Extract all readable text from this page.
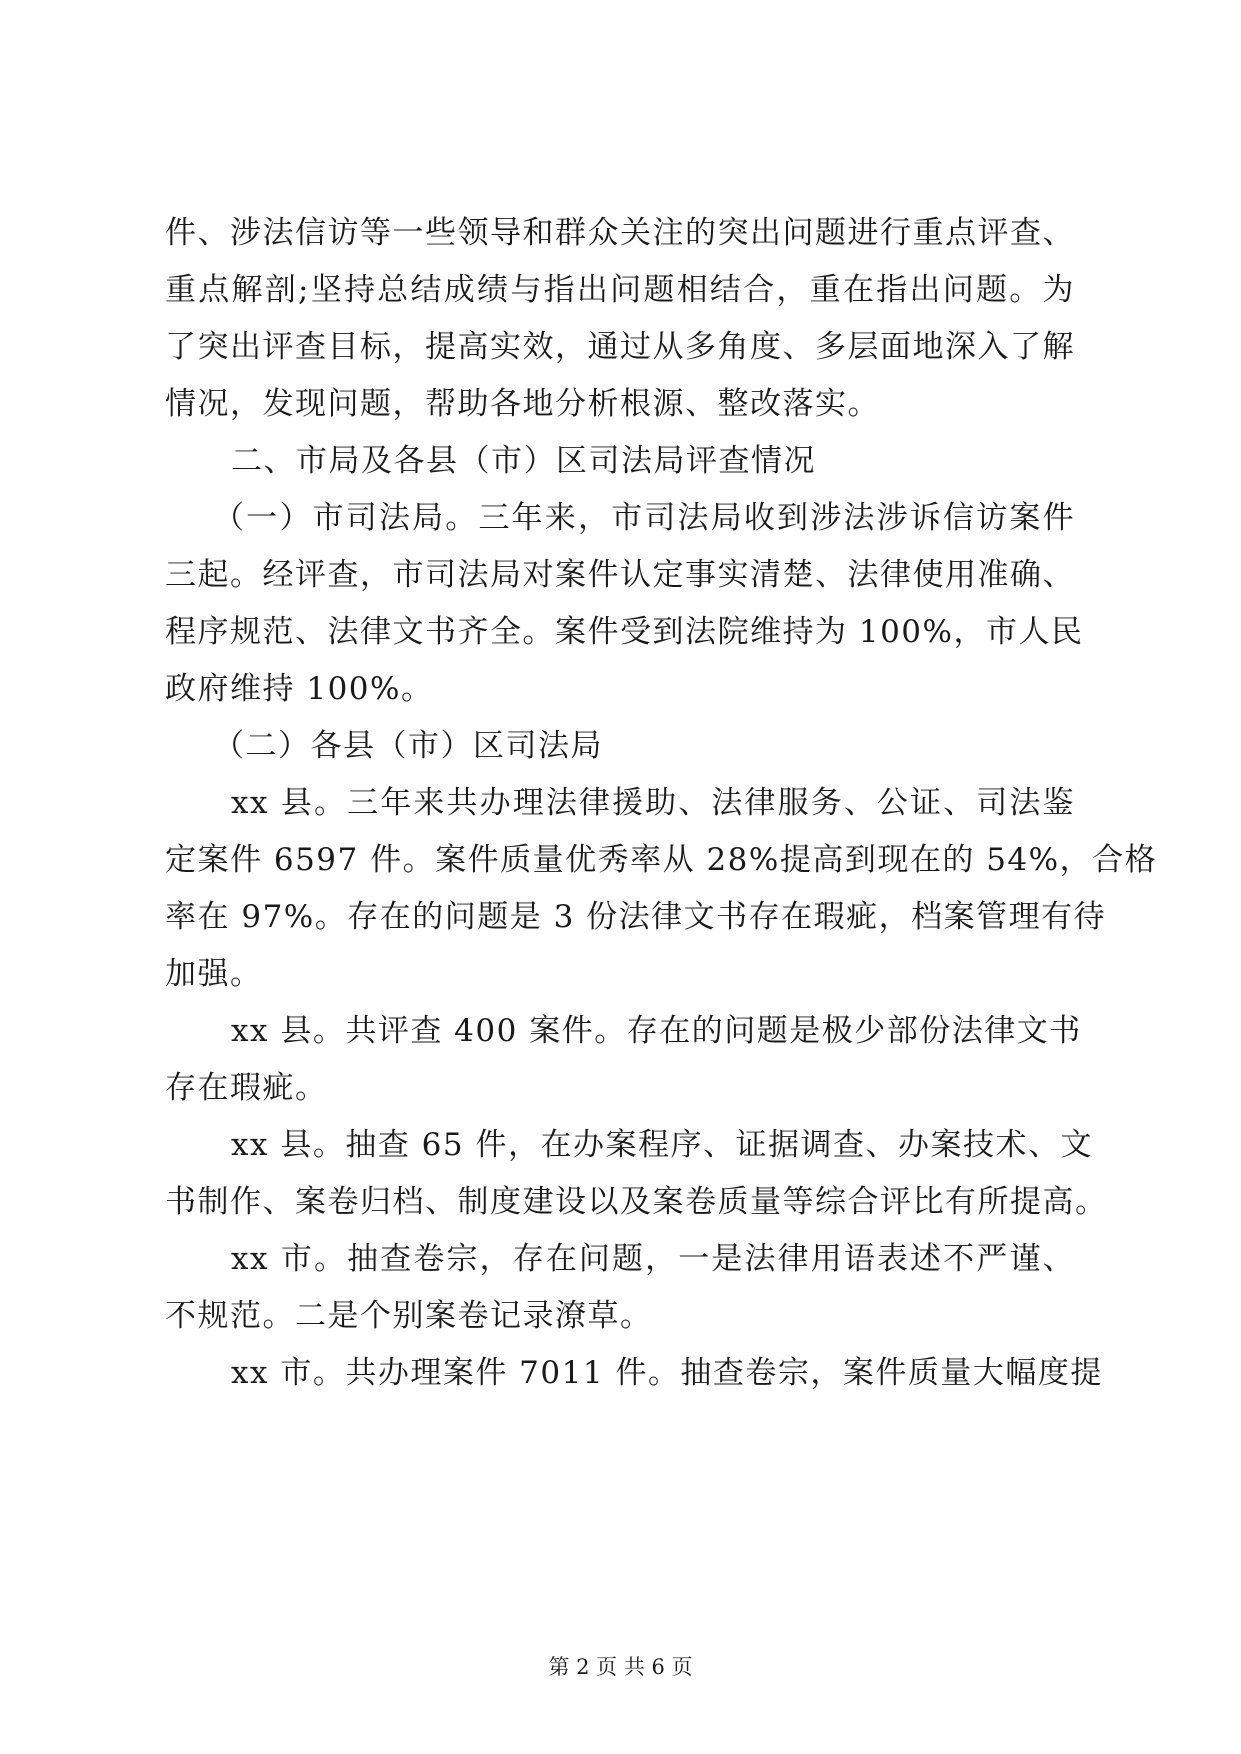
件、涉法信访等一些领导和群众关注的突出问题进行重点评查、
重点解剖;坚持总结成绩与指出问题相结合，重在指出问题。为
了突出评查目标，提高实效，通过从多角度、多层面地深入了解
情况，发现问题，帮助各地分析根源、整改落实。
二、市局及各县（市）区司法局评查情况
（一）市司法局。三年来，市司法局收到涉法涉诉信访案件
三起。经评查，市司法局对案件认定事实清楚、法律使用准确、
程序规范、法律文书齐全。案件受到法院维持为 100%，市人民
政府维持 100%。
（二）各县（市）区司法局
xx 县。三年来共办理法律援助、法律服务、公证、司法鉴
定案件 6597 件。案件质量优秀率从 28%提高到现在的 54%，合格
率在 97%。存在的问题是 3 份法律文书存在瑕疵，档案管理有待
加强。
xx 县。共评查 400 案件。存在的问题是极少部份法律文书
存在瑕疵。
xx 县。抽查 65 件，在办案程序、证据调查、办案技术、文
书制作、案卷归档、制度建设以及案卷质量等综合评比有所提高。
xx 市。抽查卷宗，存在问题，一是法律用语表述不严谨、
不规范。二是个别案卷记录潦草。
xx 市。共办理案件 7011 件。抽查卷宗，案件质量大幅度提
第 2 页 共 6 页
